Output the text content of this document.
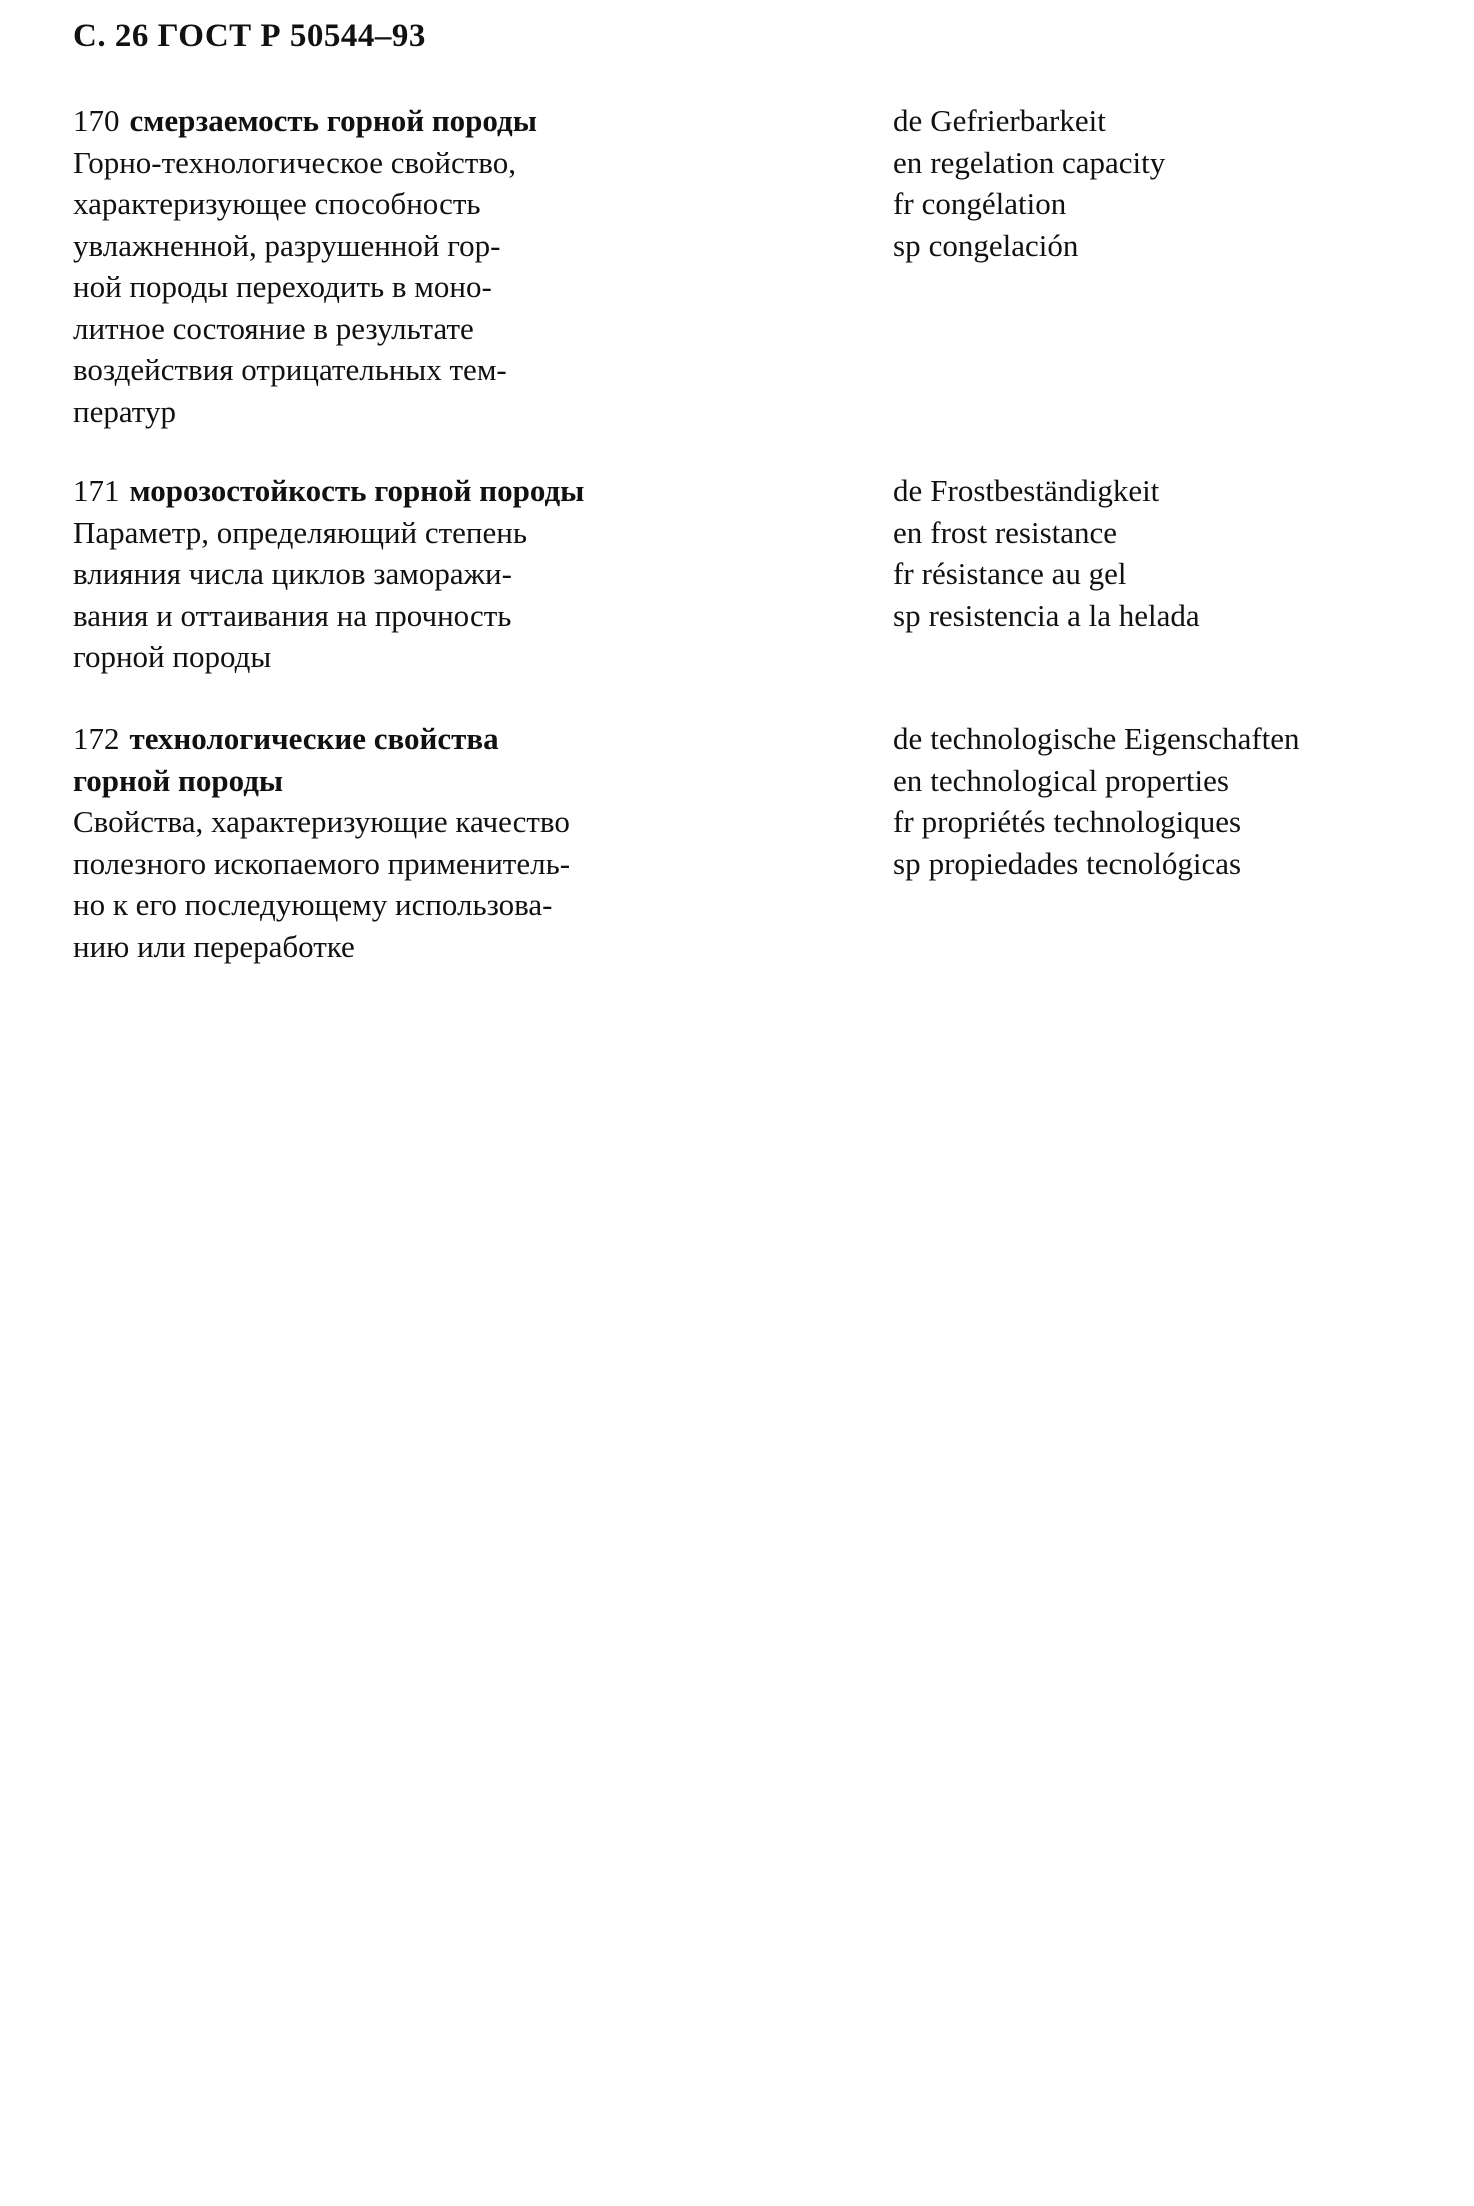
С. 26 ГОСТ Р 50544–93
170 смерзаемость горной породы
Горно-технологическое свойство,
характеризующее способность
увлажненной, разрушенной гор-
ной породы переходить в моно-
литное состояние в результате
воздействия отрицательных тем-
ператур
de Gefrierbarkeit
en regelation capacity
fr congélation
sp congelación
171 морозостойкость горной породы
Параметр, определяющий степень
влияния числа циклов заморажи-
вания и оттаивания на прочность
горной породы
de Frostbeständigkeit
en frost resistance
fr résistance au gel
sp resistencia a la helada
172 технологические свойства
горной породы
Свойства, характеризующие качество
полезного ископаемого применитель-
но к его последующему использова-
нию или переработке
de technologische Eigenschaften
en technological properties
fr propriétés technologiques
sp propiedades tecnológicas
